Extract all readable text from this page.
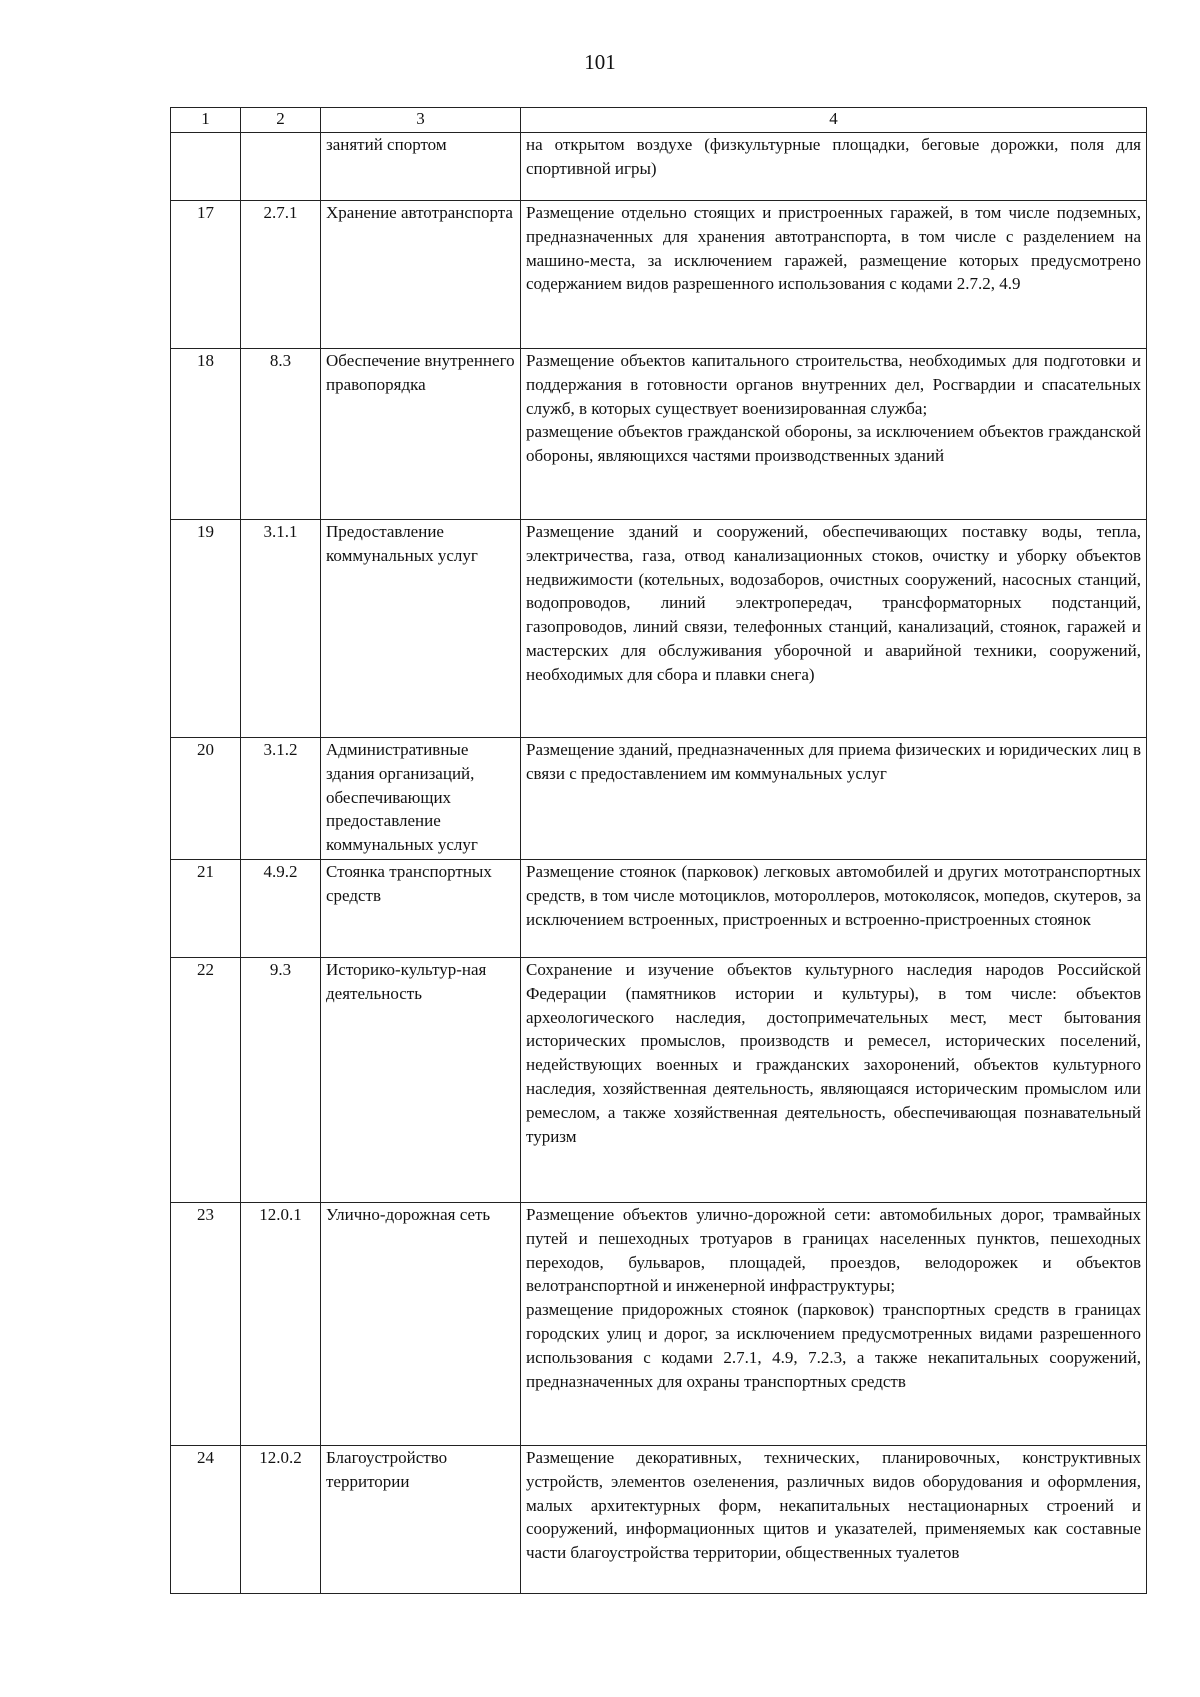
101
1	2	3	4
		занятий спортом	на открытом воздухе (физкультурные площадки, беговые дорожки, поля для спортивной игры)

17	2.7.1	Хранение автотранспорта	Размещение отдельно стоящих и пристроенных гаражей, в том числе подземных, предназначенных для хранения автотранспорта, в том числе с разделением на машино-места, за исключением гаражей, размещение которых предусмотрено содержанием видов разрешенного использования с кодами 2.7.2, 4.9

18	8.3	Обеспечение внутреннего правопорядка	Размещение объектов капитального строительства, необходимых для подготовки и поддержания в готовности органов внутренних дел, Росгвардии и спасательных служб, в которых существует военизированная служба;

размещение объектов гражданской обороны, за исключением объектов гражданской обороны, являющихся частями производственных зданий

19	3.1.1	Предоставление коммунальных услуг	Размещение зданий и сооружений, обеспечивающих поставку воды, тепла, электричества, газа, отвод канализационных стоков, очистку и уборку объектов недвижимости (котельных, водозаборов, очистных сооружений, насосных станций, водопроводов, линий электропередач, трансформаторных подстанций, газопроводов, линий связи, телефонных станций, канализаций, стоянок, гаражей и мастерских для обслуживания уборочной и аварийной техники, сооружений, необходимых для сбора и плавки снега)

20	3.1.2	Административные здания организаций, обеспечивающих предоставление коммунальных услуг	Размещение зданий, предназначенных для приема физических и юридических лиц в связи с предоставлением им коммунальных услуг

21	4.9.2	Стоянка транспортных средств	Размещение стоянок (парковок) легковых автомобилей и других мототранспортных средств, в том числе мотоциклов, мотороллеров, мотоколясок, мопедов, скутеров, за исключением встроенных, пристроенных и встроенно-пристроенных стоянок

22	9.3	Историко-культур-ная деятельность	Сохранение и изучение объектов культурного наследия народов Российской Федерации (памятников истории и культуры), в том числе: объектов археологического наследия, достопримечательных мест, мест бытования исторических промыслов, производств и ремесел, исторических поселений, недействующих военных и гражданских захоронений, объектов культурного наследия, хозяйственная деятельность, являющаяся историческим промыслом или ремеслом, а также хозяйственная деятельность, обеспечивающая познавательный туризм

23	12.0.1	Улично-дорожная сеть	Размещение объектов улично-дорожной сети: автомобильных дорог, трамвайных путей и пешеходных тротуаров в границах населенных пунктов, пешеходных переходов, бульваров, площадей, проездов, велодорожек и объектов велотранспортной и инженерной инфраструктуры;

размещение придорожных стоянок (парковок) транспортных средств в границах городских улиц и дорог, за исключением предусмотренных видами разрешенного использования с кодами 2.7.1, 4.9, 7.2.3, а также некапитальных сооружений, предназначенных для охраны транспортных средств

24	12.0.2	Благоустройство территории	Размещение декоративных, технических, планировочных, конструктивных устройств, элементов озеленения, различных видов оборудования и оформления, малых архитектурных форм, некапитальных нестационарных строений и сооружений, информационных щитов и указателей, применяемых как составные части благоустройства территории, общественных туалетов
